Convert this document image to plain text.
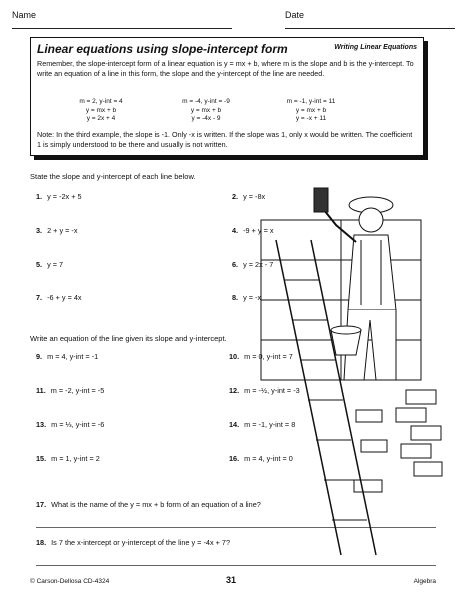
Name	Date
Linear equations using slope-intercept form	Writing Linear Equations
Remember, the slope-intercept form of a linear equation is y = mx + b, where m is the slope and b is the y-intercept. To write an equation of a line in this form, the slope and the y-intercept of the line are needed.
m = 2, y-int = 4
y = mx + b
y = 2x + 4
m = -4, y-int = -9
y = mx + b
y = -4x - 9
m = -1, y-int = 11
y = mx + b
y = -x + 11
Note: In the third example, the slope is -1. Only -x is written. If the slope was 1, only x would be written. The coefficient 1 is simply understood to be there and usually is not written.
State the slope and y-intercept of each line below.
1. y = -2x + 5	2. y = -8x
3. 2 + y = -x	4. -9 + y = x
5. y = 7	6. y = 2x - 7
7. -6 + y = 4x	8. y = -x
Write an equation of the line given its slope and y-intercept.
9. m = 4, y-int = -1	10. m = 0, y-int = 7
11. m = -2, y-int = -5	12. m = -½, y-int = -3
13. m = ⅓, y-int = -6	14. m = -1, y-int = 8
15. m = 1, y-int = 2	16. m = 4, y-int = 0
17. What is the name of the y = mx + b form of an equation of a line?
18. Is 7 the x-intercept or y-intercept of the line y = -4x + 7?
© Carson-Dellosa CD-4324	31	Algebra
